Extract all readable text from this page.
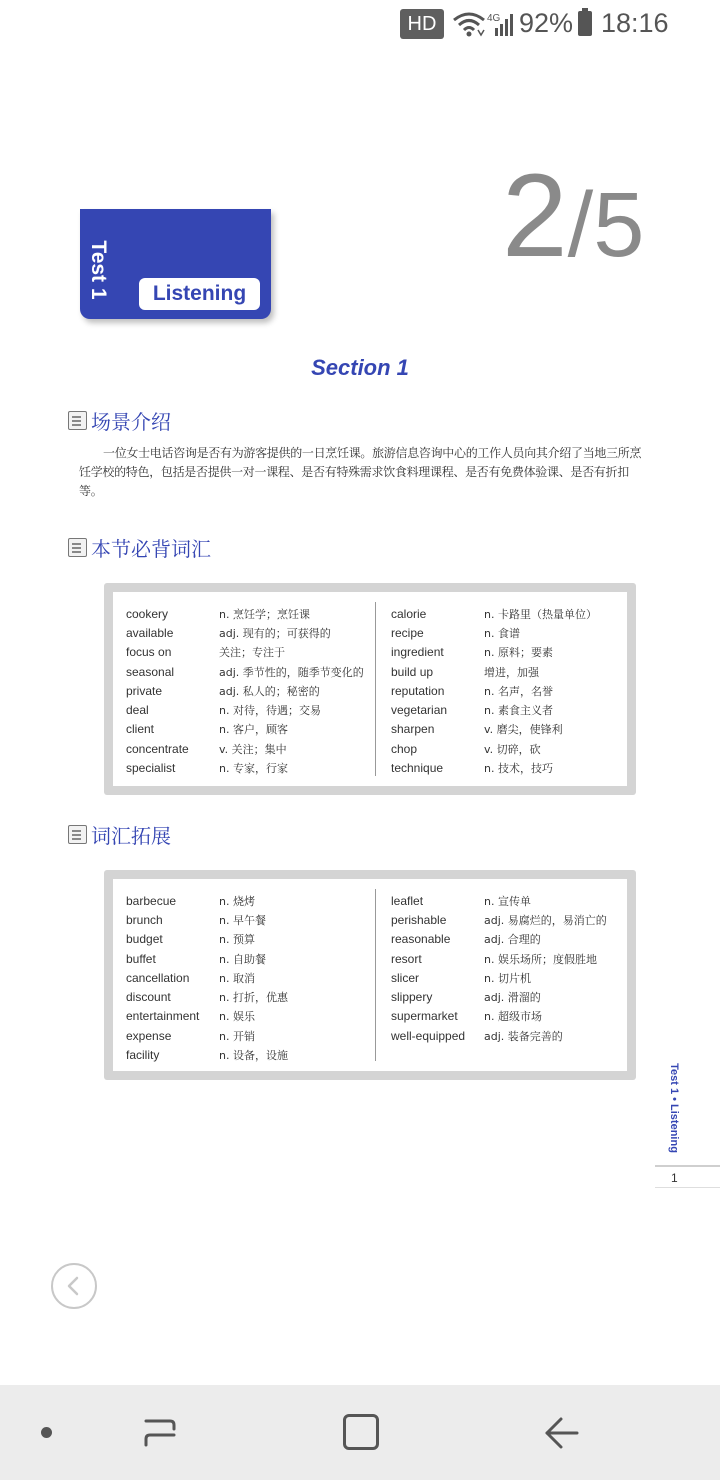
HD	4G 92% 18:16
2/5
Test 1	Listening
Section 1
场景介绍
一位女士电话咨询是否有为游客提供的一日烹饪课。旅游信息咨询中心的工作人员向其介绍了当地三所烹饪学校的特色，包括是否提供一对一课程、是否有特殊需求饮食料理课程、是否有免费体验课、是否有折扣等。
本节必背词汇
cookery	n. 烹饪学；烹饪课
available	adj. 现有的；可获得的
focus on	关注；专注于
seasonal	adj. 季节性的，随季节变化的
private	adj. 私人的；秘密的
deal	n. 对待，待遇；交易
client	n. 客户，顾客
concentrate	v. 关注；集中
specialist	n. 专家，行家
calorie	n. 卡路里（热量单位）
recipe	n. 食谱
ingredient	n. 原料；要素
build up	增进，加强
reputation	n. 名声，名誉
vegetarian	n. 素食主义者
sharpen	v. 磨尖，使锋利
chop	v. 切碎，砍
technique	n. 技术，技巧
词汇拓展
barbecue	n. 烧烤
brunch	n. 早午餐
budget	n. 预算
buffet	n. 自助餐
cancellation	n. 取消
discount	n. 打折，优惠
entertainment	n. 娱乐
expense	n. 开销
facility	n. 设备，设施
leaflet	n. 宣传单
perishable	adj. 易腐烂的，易消亡的
reasonable	adj. 合理的
resort	n. 娱乐场所；度假胜地
slicer	n. 切片机
slippery	adj. 滑溜的
supermarket	n. 超级市场
well-equipped	adj. 装备完善的
Test 1 • Listening
1
